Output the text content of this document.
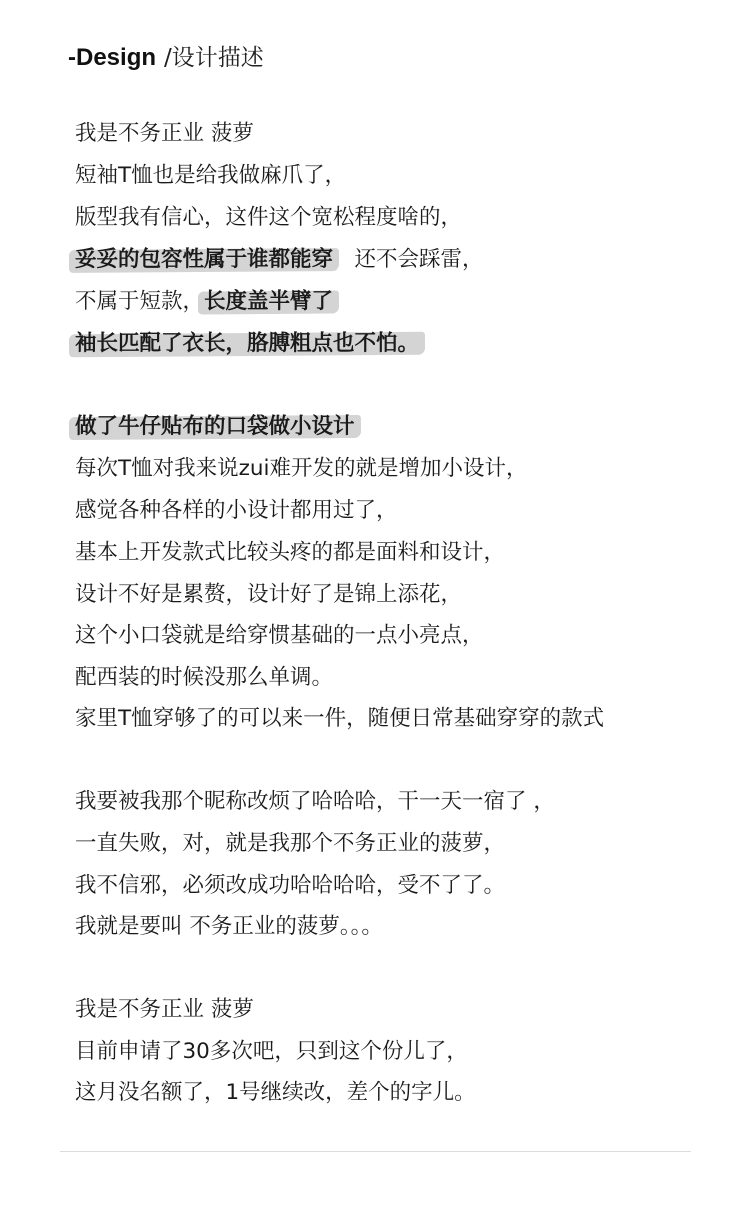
-Design /设计描述
我是不务正业 菠萝
短袖T恤也是给我做麻爪了，
版型我有信心，这件这个宽松程度啥的，
妥妥的包容性属于谁都能穿，还不会踩雷，
不属于短款，长度盖半臂了，
袖长匹配了衣长，胳膊粗点也不怕。
做了牛仔贴布的口袋做小设计，
每次T恤对我来说zui难开发的就是增加小设计，
感觉各种各样的小设计都用过了，
基本上开发款式比较头疼的都是面料和设计，
设计不好是累赘，设计好了是锦上添花，
这个小口袋就是给穿惯基础的一点小亮点，
配西装的时候没那么单调。
家里T恤穿够了的可以来一件，随便日常基础穿穿的款式
我要被我那个昵称改烦了哈哈哈，干一天一宿了 ，
一直失败，对，就是我那个不务正业的菠萝，
我不信邪，必须改成功哈哈哈哈，受不了了。
我就是要叫 不务正业的菠萝。。。
我是不务正业 菠萝
目前申请了30多次吧，只到这个份儿了，
这月没名额了，1号继续改，差个的字儿。
